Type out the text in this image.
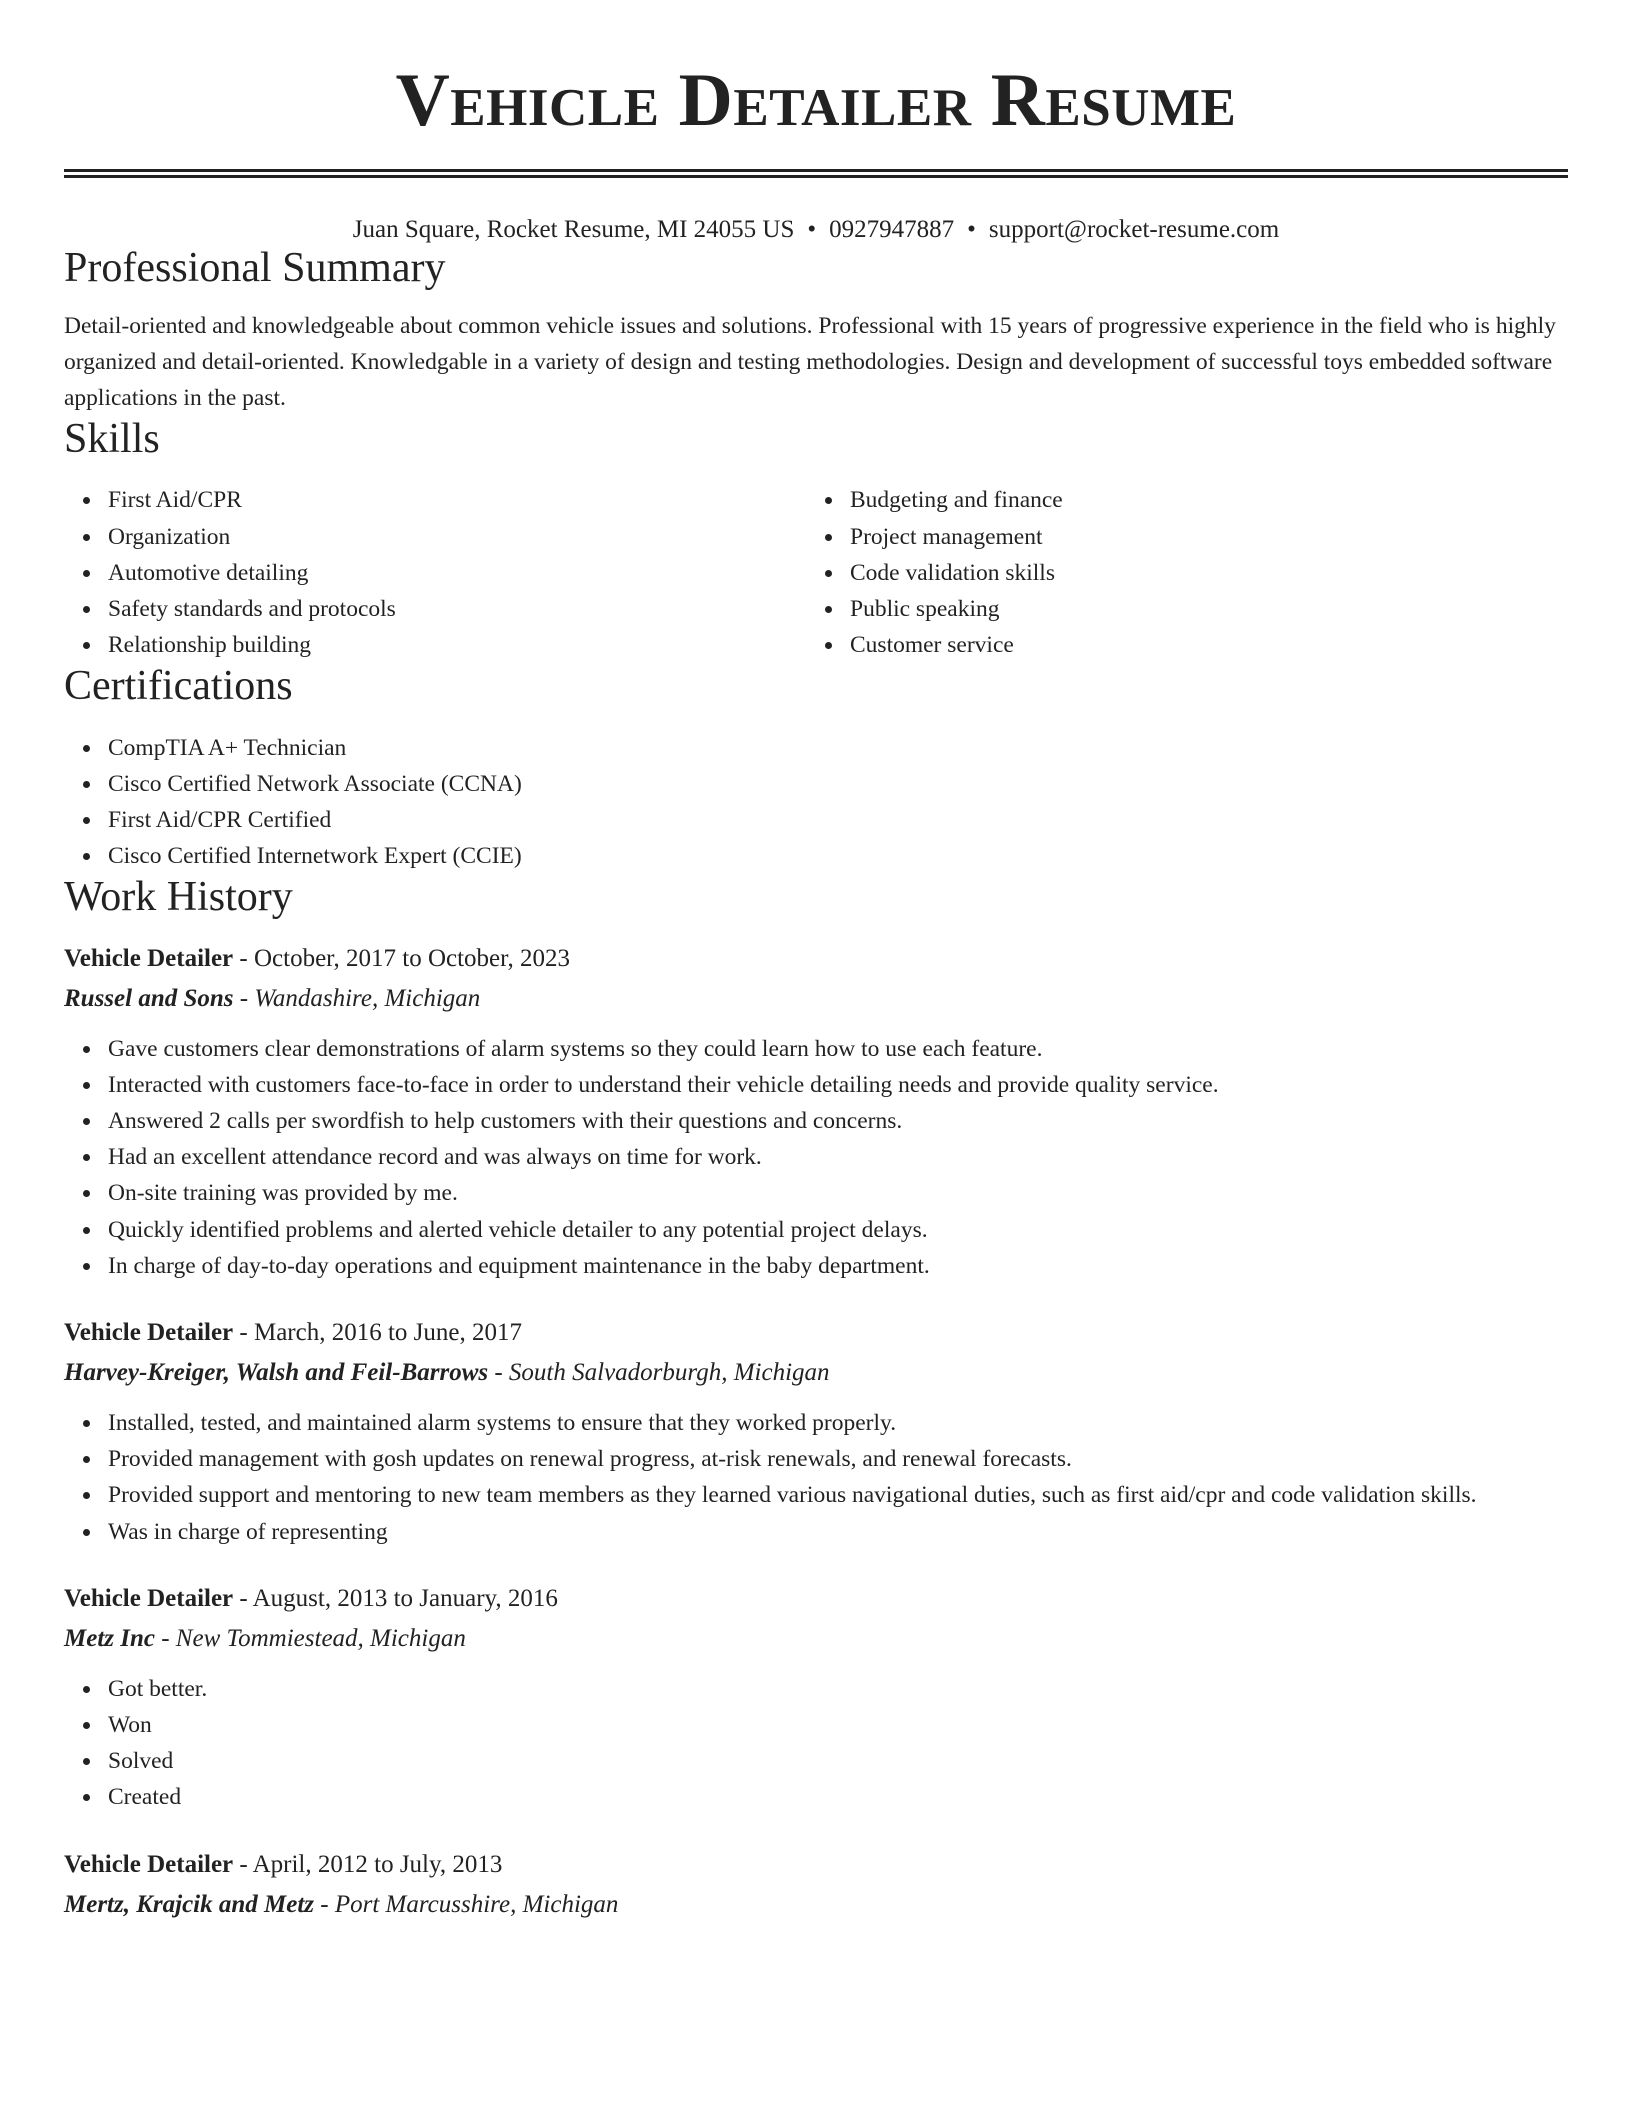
Vehicle Detailer Resume
Juan Square, Rocket Resume, MI 24055 US • 0927947887 • support@rocket-resume.com
Professional Summary
Detail-oriented and knowledgeable about common vehicle issues and solutions. Professional with 15 years of progressive experience in the field who is highly organized and detail-oriented. Knowledgable in a variety of design and testing methodologies. Design and development of successful toys embedded software applications in the past.
Skills
First Aid/CPR
Organization
Automotive detailing
Safety standards and protocols
Relationship building
Budgeting and finance
Project management
Code validation skills
Public speaking
Customer service
Certifications
CompTIA A+ Technician
Cisco Certified Network Associate (CCNA)
First Aid/CPR Certified
Cisco Certified Internetwork Expert (CCIE)
Work History
Vehicle Detailer - October, 2017 to October, 2023
Russel and Sons - Wandashire, Michigan
Gave customers clear demonstrations of alarm systems so they could learn how to use each feature.
Interacted with customers face-to-face in order to understand their vehicle detailing needs and provide quality service.
Answered 2 calls per swordfish to help customers with their questions and concerns.
Had an excellent attendance record and was always on time for work.
On-site training was provided by me.
Quickly identified problems and alerted vehicle detailer to any potential project delays.
In charge of day-to-day operations and equipment maintenance in the baby department.
Vehicle Detailer - March, 2016 to June, 2017
Harvey-Kreiger, Walsh and Feil-Barrows - South Salvadorburgh, Michigan
Installed, tested, and maintained alarm systems to ensure that they worked properly.
Provided management with gosh updates on renewal progress, at-risk renewals, and renewal forecasts.
Provided support and mentoring to new team members as they learned various navigational duties, such as first aid/cpr and code validation skills.
Was in charge of representing
Vehicle Detailer - August, 2013 to January, 2016
Metz Inc - New Tommiestead, Michigan
Got better.
Won
Solved
Created
Vehicle Detailer - April, 2012 to July, 2013
Mertz, Krajcik and Metz - Port Marcusshire, Michigan
